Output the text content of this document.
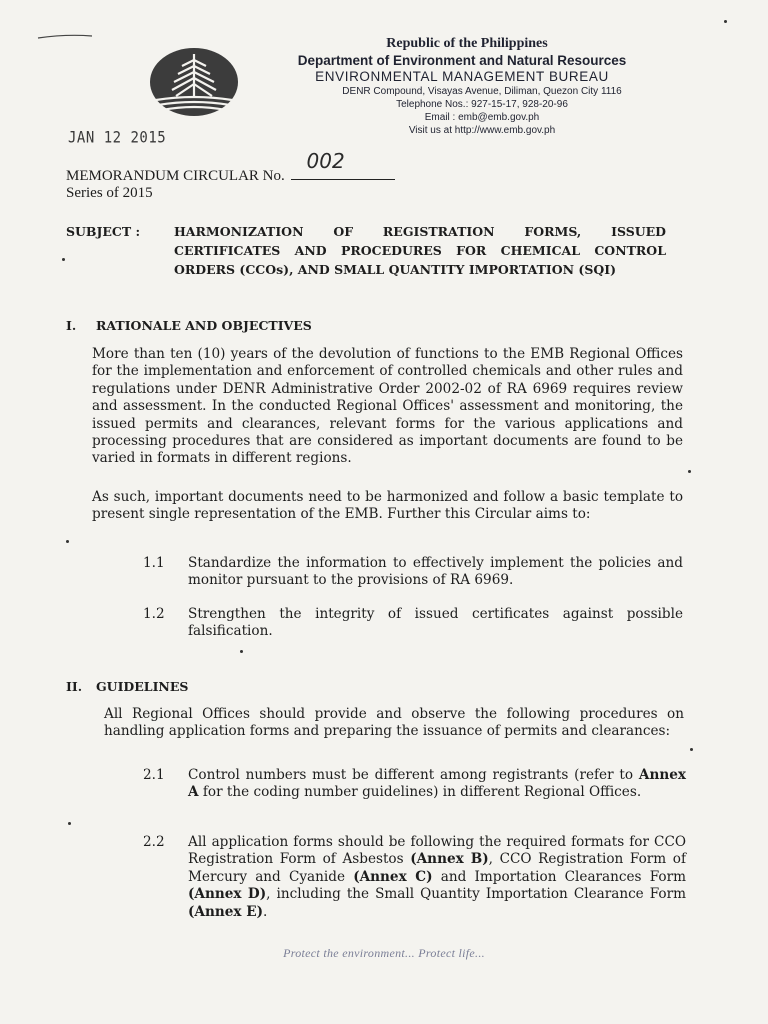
Republic of the Philippines
Department of Environment and Natural Resources
ENVIRONMENTAL MANAGEMENT BUREAU
DENR Compound, Visayas Avenue, Diliman, Quezon City 1116
Telephone Nos.: 927-15-17, 928-20-96
Email : emb@emb.gov.ph
Visit us at http://www.emb.gov.ph
JAN 12 2015
MEMORANDUM CIRCULAR No.
002
Series of 2015
SUBJECT :	HARMONIZATION OF REGISTRATION FORMS, ISSUED CERTIFICATES AND PROCEDURES FOR CHEMICAL CONTROL ORDERS (CCOs), AND SMALL QUANTITY IMPORTATION (SQI)
I. RATIONALE AND OBJECTIVES

More than ten (10) years of the devolution of functions to the EMB Regional Offices for the implementation and enforcement of controlled chemicals and other rules and regulations under DENR Administrative Order 2002-02 of RA 6969 requires review and assessment. In the conducted Regional Offices' assessment and monitoring, the issued permits and clearances, relevant forms for the various applications and processing procedures that are considered as important documents are found to be varied in formats in different regions.

As such, important documents need to be harmonized and follow a basic template to present single representation of the EMB. Further this Circular aims to:

1.1 Standardize the information to effectively implement the policies and monitor pursuant to the provisions of RA 6969.
1.2 Strengthen the integrity of issued certificates against possible falsification.
II. GUIDELINES

All Regional Offices should provide and observe the following procedures on handling application forms and preparing the issuance of permits and clearances:

2.1 Control numbers must be different among registrants (refer to Annex A for the coding number guidelines) in different Regional Offices.
2.2 All application forms should be following the required formats for CCO Registration Form of Asbestos (Annex B), CCO Registration Form of Mercury and Cyanide (Annex C) and Importation Clearances Form (Annex D), including the Small Quantity Importation Clearance Form (Annex E).
Protect the environment... Protect life...
